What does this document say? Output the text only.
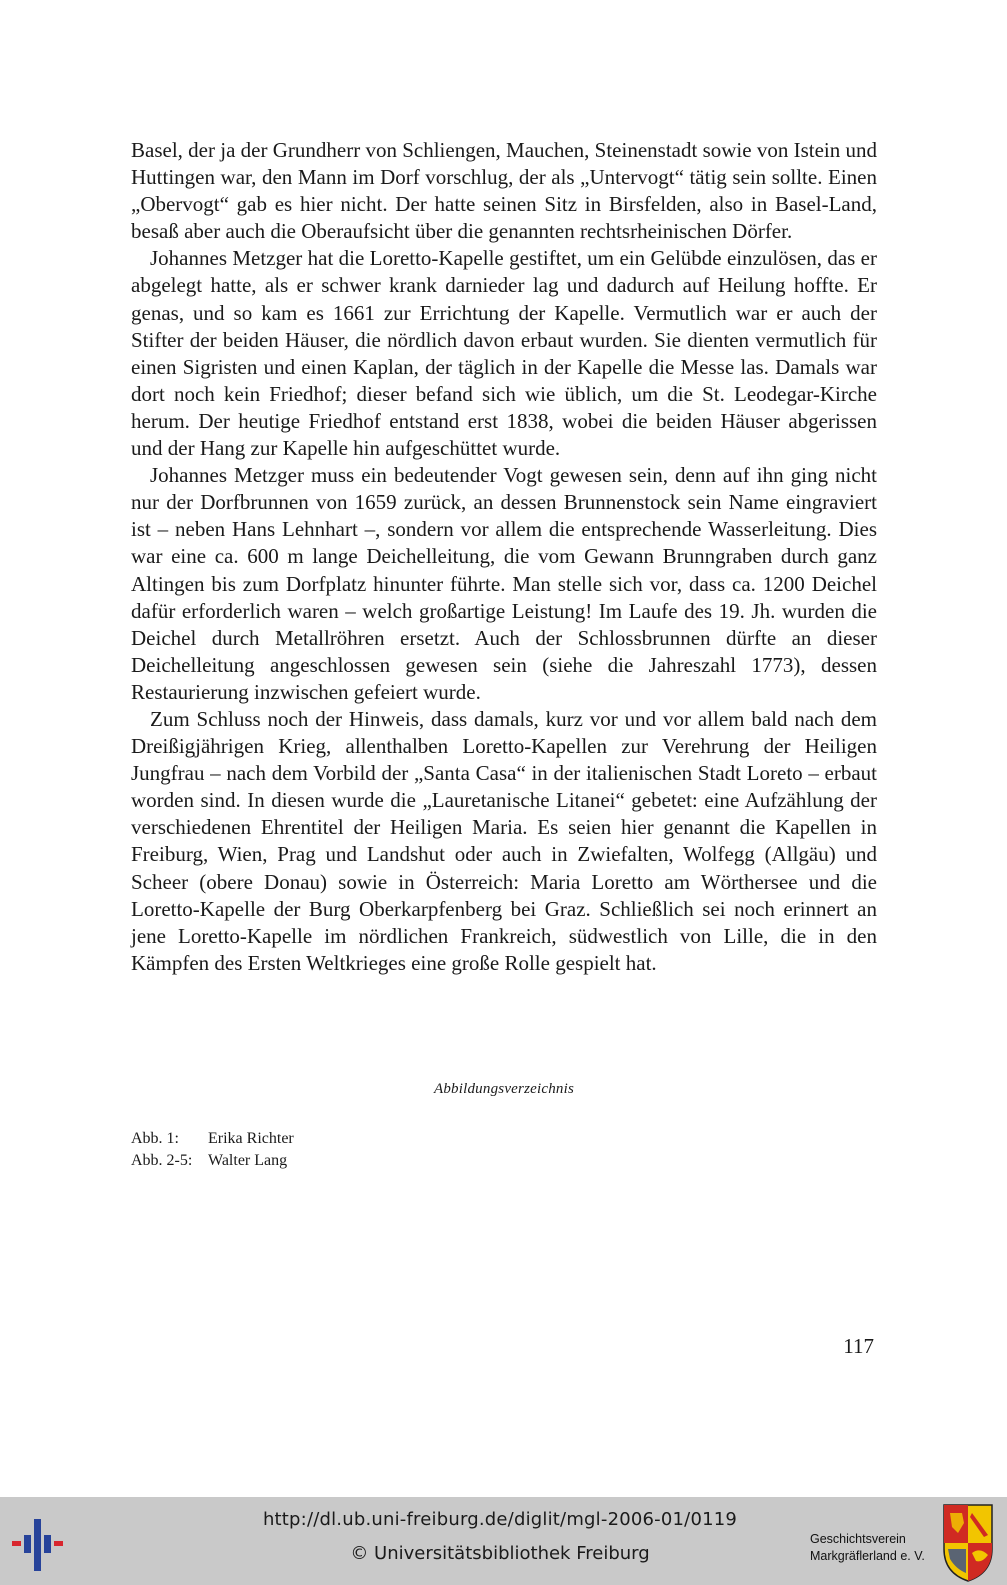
Basel, der ja der Grundherr von Schliengen, Mauchen, Steinenstadt sowie von Istein und Huttingen war, den Mann im Dorf vorschlug, der als „Untervogt“ tätig sein sollte. Einen „Obervogt“ gab es hier nicht. Der hatte seinen Sitz in Birsfelden, also in Basel-Land, besaß aber auch die Oberaufsicht über die genannten rechtsrheinischen Dörfer.

Johannes Metzger hat die Loretto-Kapelle gestiftet, um ein Gelübde einzulösen, das er abgelegt hatte, als er schwer krank darnieder lag und dadurch auf Heilung hoffte. Er genas, und so kam es 1661 zur Errichtung der Kapelle. Vermutlich war er auch der Stifter der beiden Häuser, die nördlich davon erbaut wurden. Sie dienten vermutlich für einen Sigristen und einen Kaplan, der täglich in der Kapelle die Messe las. Damals war dort noch kein Friedhof; dieser befand sich wie üblich, um die St. Leodegar-Kirche herum. Der heutige Friedhof entstand erst 1838, wobei die beiden Häuser abgerissen und der Hang zur Kapelle hin aufgeschüttet wurde.

Johannes Metzger muss ein bedeutender Vogt gewesen sein, denn auf ihn ging nicht nur der Dorfbrunnen von 1659 zurück, an dessen Brunnenstock sein Name eingraviert ist – neben Hans Lehnhart –, sondern vor allem die entsprechende Wasserleitung. Dies war eine ca. 600 m lange Deichelleitung, die vom Gewann Brunngraben durch ganz Altingen bis zum Dorfplatz hinunter führte. Man stelle sich vor, dass ca. 1200 Deichel dafür erforderlich waren – welch großartige Leistung! Im Laufe des 19. Jh. wurden die Deichel durch Metallröhren ersetzt. Auch der Schlossbrunnen dürfte an dieser Deichelleitung angeschlossen gewesen sein (siehe die Jahreszahl 1773), dessen Restaurierung inzwischen gefeiert wurde.

Zum Schluss noch der Hinweis, dass damals, kurz vor und vor allem bald nach dem Dreißigjährigen Krieg, allenthalben Loretto-Kapellen zur Verehrung der Heiligen Jungfrau – nach dem Vorbild der „Santa Casa“ in der italienischen Stadt Loreto – erbaut worden sind. In diesen wurde die „Lauretanische Litanei“ gebetet: eine Aufzählung der verschiedenen Ehrentitel der Heiligen Maria. Es seien hier genannt die Kapellen in Freiburg, Wien, Prag und Landshut oder auch in Zwiefalten, Wolfegg (Allgäu) und Scheer (obere Donau) sowie in Österreich: Maria Loretto am Wörthersee und die Loretto-Kapelle der Burg Oberkarpfenberg bei Graz. Schließlich sei noch erinnert an jene Loretto-Kapelle im nördlichen Frankreich, südwestlich von Lille, die in den Kämpfen des Ersten Weltkrieges eine große Rolle gespielt hat.

Abbildungsverzeichnis
Abb. 1:	Erika Richter
Abb. 2-5: Walter Lang
117
http://dl.ub.uni-freiburg.de/diglit/mgl-2006-01/0119
© Universitätsbibliothek Freiburg
Geschichtsverein
Markgräflerland e. V.
